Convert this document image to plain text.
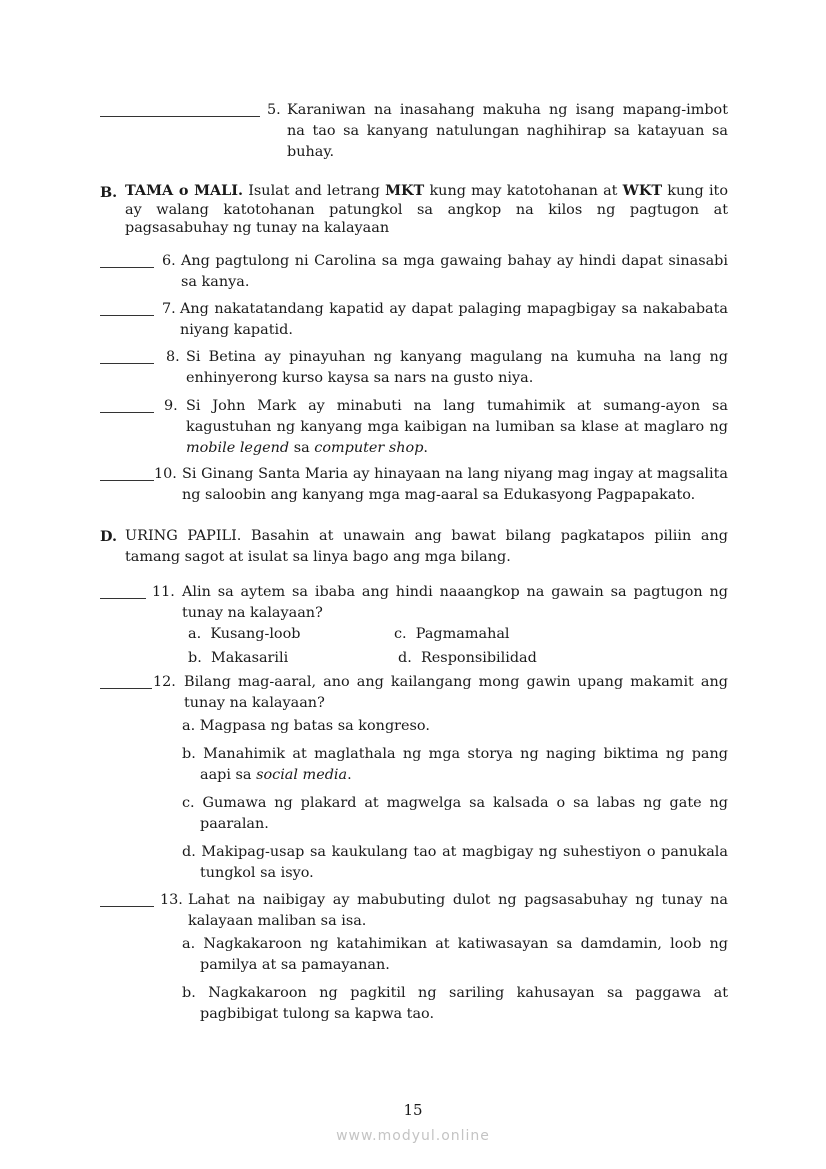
5. Karaniwan na inasahang makuha ng isang mapang-imbot na tao sa kanyang natulungan naghihirap sa katayuan sa buhay.
B. TAMA o MALI. Isulat and letrang MKT kung may katotohanan at WKT kung ito ay walang katotohanan patungkol sa angkop na kilos ng pagtugon at pagsasabuhay ng tunay na kalayaan
6. Ang pagtulong ni Carolina sa mga gawaing bahay ay hindi dapat sinasabi sa kanya.
7. Ang nakatatandang kapatid ay dapat palaging mapagbigay sa nakababata niyang kapatid.
8. Si Betina ay pinayuhan ng kanyang magulang na kumuha na lang ng enhinyerong kurso kaysa sa nars na gusto niya.
9. Si John Mark ay minabuti na lang tumahimik at sumang-ayon sa kagustuhan ng kanyang mga kaibigan na lumiban sa klase at maglaro ng mobile legend sa computer shop.
10. Si Ginang Santa Maria ay hinayaan na lang niyang mag ingay at magsalita ng saloobin ang kanyang mga mag-aaral sa Edukasyong Pagpapakato.
D. URING PAPILI. Basahin at unawain ang bawat bilang pagkatapos piliin ang tamang sagot at isulat sa linya bago ang mga bilang.
11. Alin sa aytem sa ibaba ang hindi naaangkop na gawain sa pagtugon ng tunay na kalayaan?
a. Kusang-loob	c. Pagmamahal
b. Makasarili	d. Responsibilidad
12. Bilang mag-aaral, ano ang kailangang mong gawin upang makamit ang tunay na kalayaan?
a. Magpasa ng batas sa kongreso.
b. Manahimik at maglathala ng mga storya ng naging biktima ng pang aapi sa social media.
c. Gumawa ng plakard at magwelga sa kalsada o sa labas ng gate ng paaralan.
d. Makipag-usap sa kaukulang tao at magbigay ng suhestiyon o panukala tungkol sa isyo.
13. Lahat na naibigay ay mabubuting dulot ng pagsasabuhay ng tunay na kalayaan maliban sa isa.
a. Nagkakaroon ng katahimikan at katiwasayan sa damdamin, loob ng pamilya at sa pamayanan.
b. Nagkakaroon ng pagkitil ng sariling kahusayan sa paggawa at pagbibigat tulong sa kapwa tao.
15
www.modyul.online
